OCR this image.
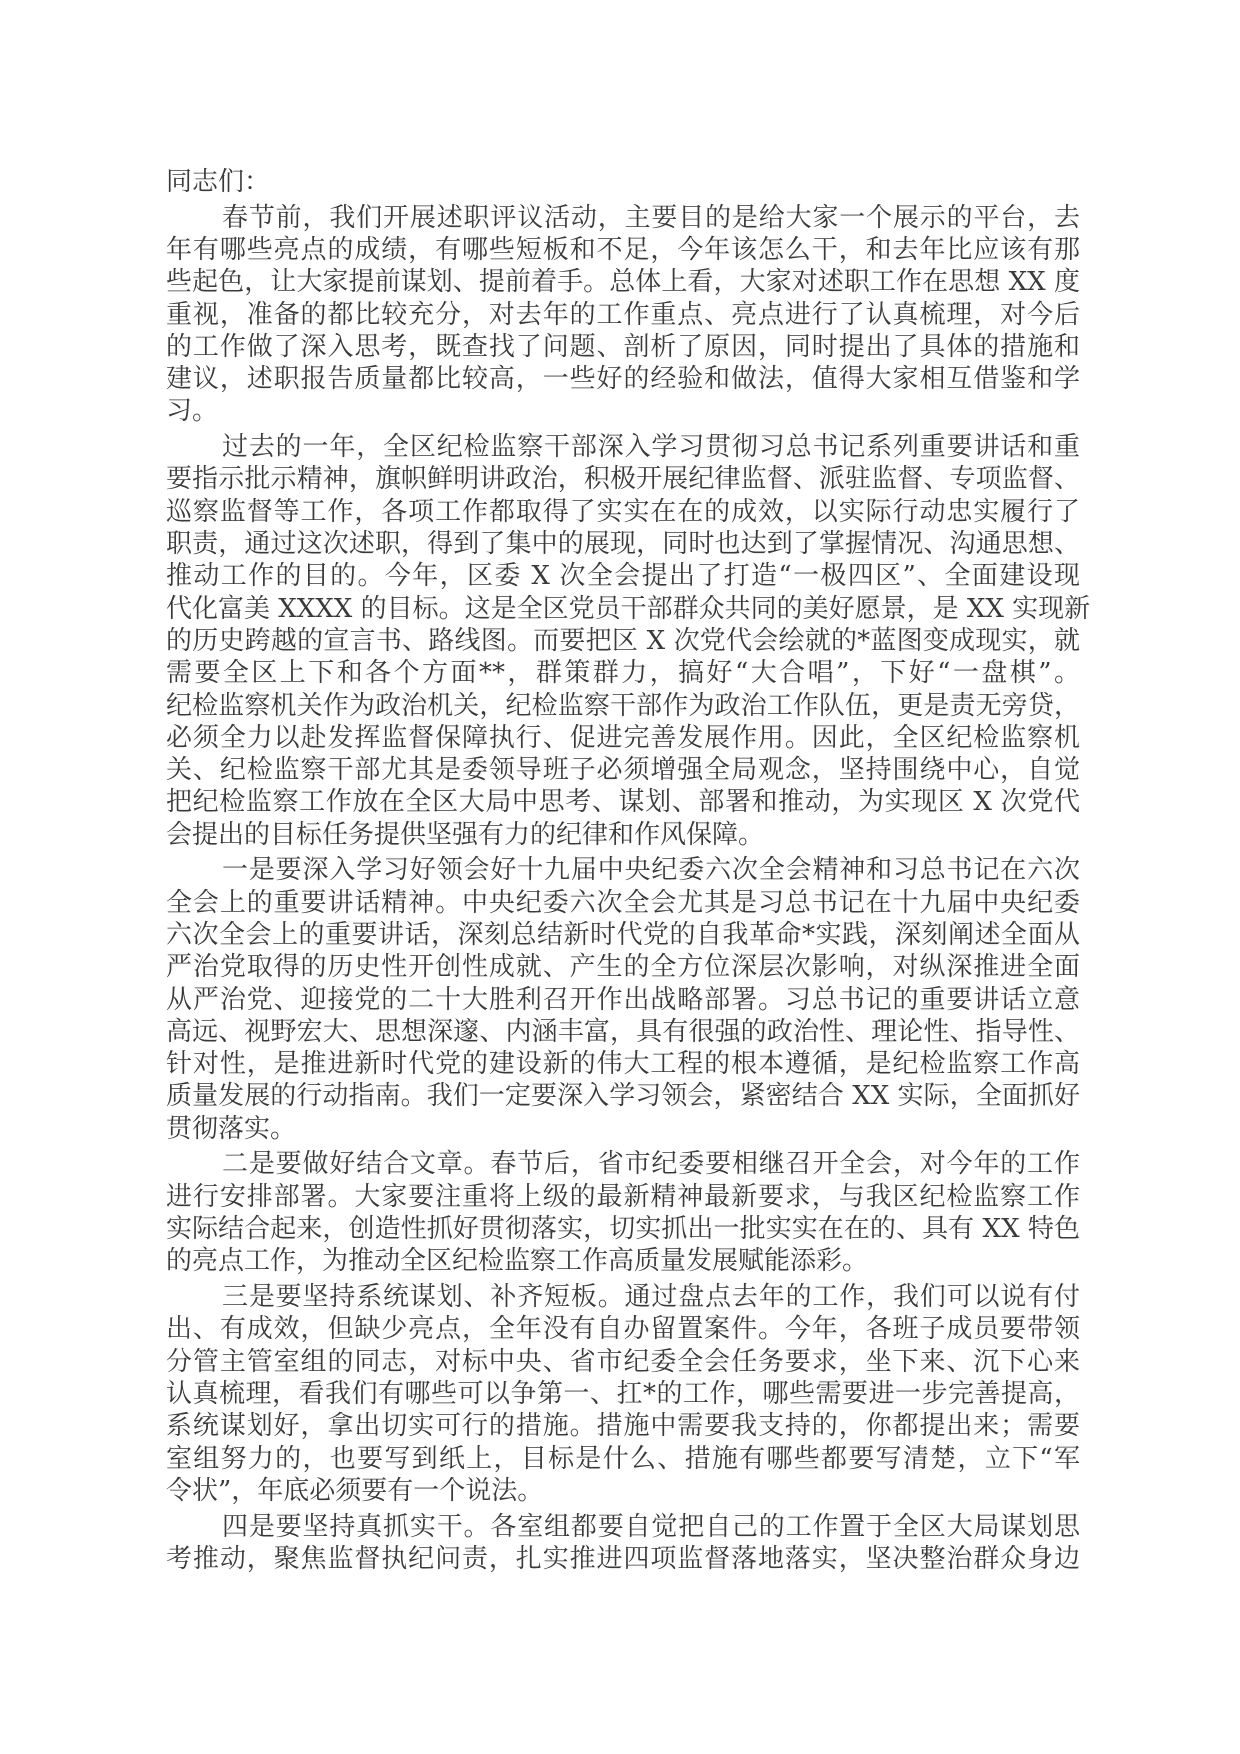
同志们：
春节前，我们开展述职评议活动，主要目的是给大家一个展示的平台，去
年有哪些亮点的成绩，有哪些短板和不足，今年该怎么干，和去年比应该有那
些起色，让大家提前谋划、提前着手。总体上看，大家对述职工作在思想 XX 度
重视，准备的都比较充分，对去年的工作重点、亮点进行了认真梳理，对今后
的工作做了深入思考，既查找了问题、剖析了原因，同时提出了具体的措施和
建议，述职报告质量都比较高，一些好的经验和做法，值得大家相互借鉴和学
习。
过去的一年，全区纪检监察干部深入学习贯彻习总书记系列重要讲话和重
要指示批示精神，旗帜鲜明讲政治，积极开展纪律监督、派驻监督、专项监督、
巡察监督等工作，各项工作都取得了实实在在的成效，以实际行动忠实履行了
职责，通过这次述职，得到了集中的展现，同时也达到了掌握情况、沟通思想、
推动工作的目的。今年，区委 X 次全会提出了打造“一极四区”、全面建设现
代化富美 XXXX 的目标。这是全区党员干部群众共同的美好愿景，是 XX 实现新
的历史跨越的宣言书、路线图。而要把区 X 次党代会绘就的*蓝图变成现实，就
需要全区上下和各个方面**，群策群力，搞好“大合唱”，下好“一盘棋”。
纪检监察机关作为政治机关，纪检监察干部作为政治工作队伍，更是责无旁贷，
必须全力以赴发挥监督保障执行、促进完善发展作用。因此，全区纪检监察机
关、纪检监察干部尤其是委领导班子必须增强全局观念，坚持围绕中心，自觉
把纪检监察工作放在全区大局中思考、谋划、部署和推动，为实现区 X 次党代
会提出的目标任务提供坚强有力的纪律和作风保障。
一是要深入学习好领会好十九届中央纪委六次全会精神和习总书记在六次
全会上的重要讲话精神。中央纪委六次全会尤其是习总书记在十九届中央纪委
六次全会上的重要讲话，深刻总结新时代党的自我革命*实践，深刻阐述全面从
严治党取得的历史性开创性成就、产生的全方位深层次影响，对纵深推进全面
从严治党、迎接党的二十大胜利召开作出战略部署。习总书记的重要讲话立意
高远、视野宏大、思想深邃、内涵丰富，具有很强的政治性、理论性、指导性、
针对性，是推进新时代党的建设新的伟大工程的根本遵循，是纪检监察工作高
质量发展的行动指南。我们一定要深入学习领会，紧密结合 XX 实际，全面抓好
贯彻落实。
二是要做好结合文章。春节后，省市纪委要相继召开全会，对今年的工作
进行安排部署。大家要注重将上级的最新精神最新要求，与我区纪检监察工作
实际结合起来，创造性抓好贯彻落实，切实抓出一批实实在在的、具有 XX 特色
的亮点工作，为推动全区纪检监察工作高质量发展赋能添彩。
三是要坚持系统谋划、补齐短板。通过盘点去年的工作，我们可以说有付
出、有成效，但缺少亮点，全年没有自办留置案件。今年，各班子成员要带领
分管主管室组的同志，对标中央、省市纪委全会任务要求，坐下来、沉下心来
认真梳理，看我们有哪些可以争第一、扛*的工作，哪些需要进一步完善提高，
系统谋划好，拿出切实可行的措施。措施中需要我支持的，你都提出来；需要
室组努力的，也要写到纸上，目标是什么、措施有哪些都要写清楚，立下“军
令状”，年底必须要有一个说法。
四是要坚持真抓实干。各室组都要自觉把自己的工作置于全区大局谋划思
考推动，聚焦监督执纪问责，扎实推进四项监督落地落实，坚决整治群众身边
